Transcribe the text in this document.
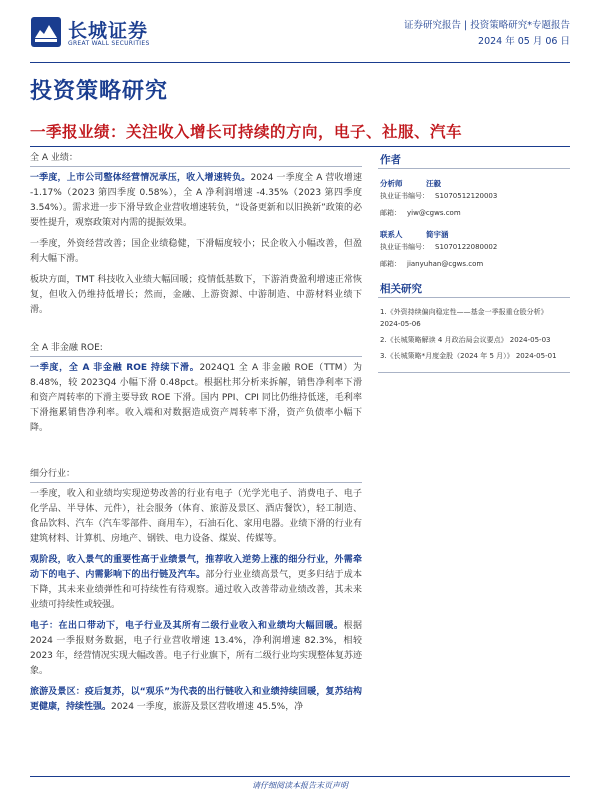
长城证券
GREAT WALL SECURITIES
证券研究报告 | 投资策略研究*专题报告
2024 年 05 月 06 日
投资策略研究
一季报业绩：关注收入增长可持续的方向，电子、社服、汽车
全 A 业绩：

一季度，上市公司整体经营情况承压，收入增速转负。2024 一季度全 A 营收增速 -1.17%（2023 第四季度 0.58%），全 A 净利润增速 -4.35%（2023 第四季度 3.54%）。需求进一步下滑导致企业营收增速转负，“设备更新和以旧换新”政策的必要性提升，观察政策对内需的提振效果。

一季度，外资经营改善；国企业绩稳健，下滑幅度较小；民企收入小幅改善，但盈利大幅下滑。

板块方面，TMT 科技收入业绩大幅回暖；疫情低基数下，下游消费盈利增速正常恢复，但收入仍维持低增长；然而，金融、上游资源、中游制造、中游材料业绩下滑。

全 A 非金融 ROE:

一季度，全 A 非金融 ROE 持续下滑。2024Q1 全 A 非金融 ROE（TTM）为 8.48%，较 2023Q4 小幅下滑 0.48pct。根据杜邦分析来拆解，销售净利率下滑和资产周转率的下滑主要导致 ROE 下滑。国内 PPI、CPI 同比仍维持低迷，毛利率下滑拖累销售净利率。收入端和对数据造成资产周转率下滑，资产负债率小幅下降。

细分行业：

一季度，收入和业绩均实现逆势改善的行业有电子（光学光电子、消费电子、电子化学品、半导体、元件），社会服务（体育、旅游及景区、酒店餐饮），轻工制造、食品饮料、汽车（汽车零部件、商用车），石油石化、家用电器。业绩下滑的行业有建筑材料、计算机、房地产、钢铁、电力设备、煤炭、传媒等。

观阶段，收入景气的重要性高于业绩景气，推荐收入逆势上涨的细分行业，外需牵动下的电子、内需影响下的出行链及汽车。部分行业业绩高景气，更多归结于成本下降，其未来业绩弹性和可持续性有待观察。通过收入改善带动业绩改善，其未来业绩可持续性或较强。

电子：在出口带动下，电子行业及其所有二级行业收入和业绩均大幅回暖。根据 2024 一季报财务数据，电子行业营收增速 13.4%，净利润增速 82.3%，相较 2023 年，经营情况实现大幅改善。电子行业旗下，所有二级行业均实现整体复苏迹象。

旅游及景区：疫后复苏，以“观乐”为代表的出行链收入和业绩持续回暖，复苏结构更健康，持续性强。2024 一季度，旅游及景区营收增速 45.5%，净

作者
分析师	汪毅
执业证书编号： S1070512120003
邮箱： yiw@cgws.com
联系人	简宇涵
执业证书编号： S1070122080002
邮箱： jianyuhan@cgws.com
相关研究
1.《外资持续偏向稳定性——基金一季报重仓股分析》 2024-05-06
2.《长城策略解读 4 月政治局会议要点》 2024-05-03
3.《长城策略*月度金股（2024 年 5 月）》 2024-05-01
请仔细阅读本报告末页声明
